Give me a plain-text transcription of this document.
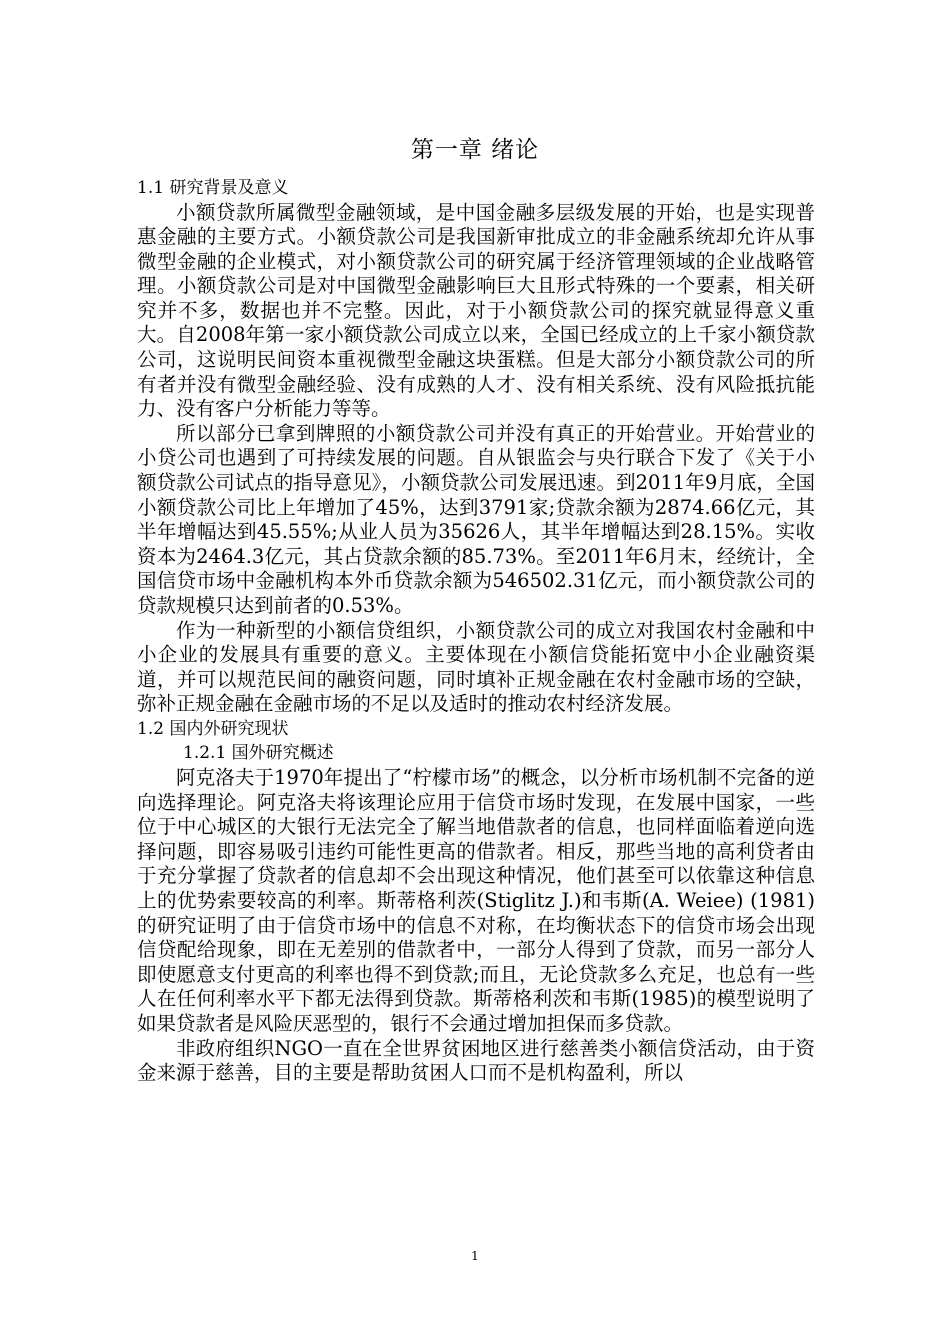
第一章 绪论
1.1 研究背景及意义

小额贷款所属微型金融领域，是中国金融多层级发展的开始，也是实现普惠金融的主要方式。小额贷款公司是我国新审批成立的非金融系统却允许从事微型金融的企业模式，对小额贷款公司的研究属于经济管理领域的企业战略管理。小额贷款公司是对中国微型金融影响巨大且形式特殊的一个要素，相关研究并不多，数据也并不完整。因此，对于小额贷款公司的探究就显得意义重大。自2008年第一家小额贷款公司成立以来，全国已经成立的上千家小额贷款公司，这说明民间资本重视微型金融这块蛋糕。但是大部分小额贷款公司的所有者并没有微型金融经验、没有成熟的人才、没有相关系统、没有风险抵抗能力、没有客户分析能力等等。

所以部分已拿到牌照的小额贷款公司并没有真正的开始营业。开始营业的小贷公司也遇到了可持续发展的问题。自从银监会与央行联合下发了《关于小额贷款公司试点的指导意见》，小额贷款公司发展迅速。到2011年9月底，全国小额贷款公司比上年增加了45%，达到3791家;贷款余额为2874.66亿元，其半年增幅达到45.55%;从业人员为35626人，其半年增幅达到28.15%。实收资本为2464.3亿元，其占贷款余额的85.73%。至2011年6月末，经统计，全国信贷市场中金融机构本外币贷款余额为546502.31亿元，而小额贷款公司的贷款规模只达到前者的0.53%。

作为一种新型的小额信贷组织，小额贷款公司的成立对我国农村金融和中小企业的发展具有重要的意义。主要体现在小额信贷能拓宽中小企业融资渠道，并可以规范民间的融资问题，同时填补正规金融在农村金融市场的空缺，弥补正规金融在金融市场的不足以及适时的推动农村经济发展。

1.2 国内外研究现状
1.2.1 国外研究概述

阿克洛夫于1970年提出了“柠檬市场”的概念，以分析市场机制不完备的逆向选择理论。阿克洛夫将该理论应用于信贷市场时发现，在发展中国家，一些位于中心城区的大银行无法完全了解当地借款者的信息，也同样面临着逆向选择问题，即容易吸引违约可能性更高的借款者。相反，那些当地的高利贷者由于充分掌握了贷款者的信息却不会出现这种情况，他们甚至可以依靠这种信息上的优势索要较高的利率。斯蒂格利茨(Stiglitz J.)和韦斯(A. Weiee) (1981)的研究证明了由于信贷市场中的信息不对称，在均衡状态下的信贷市场会出现信贷配给现象，即在无差别的借款者中，一部分人得到了贷款，而另一部分人即使愿意支付更高的利率也得不到贷款;而且，无论贷款多么充足，也总有一些人在任何利率水平下都无法得到贷款。斯蒂格利茨和韦斯(1985)的模型说明了如果贷款者是风险厌恶型的，银行不会通过增加担保而多贷款。

非政府组织NGO一直在全世界贫困地区进行慈善类小额信贷活动，由于资金来源于慈善，目的主要是帮助贫困人口而不是机构盈利，所以

1
